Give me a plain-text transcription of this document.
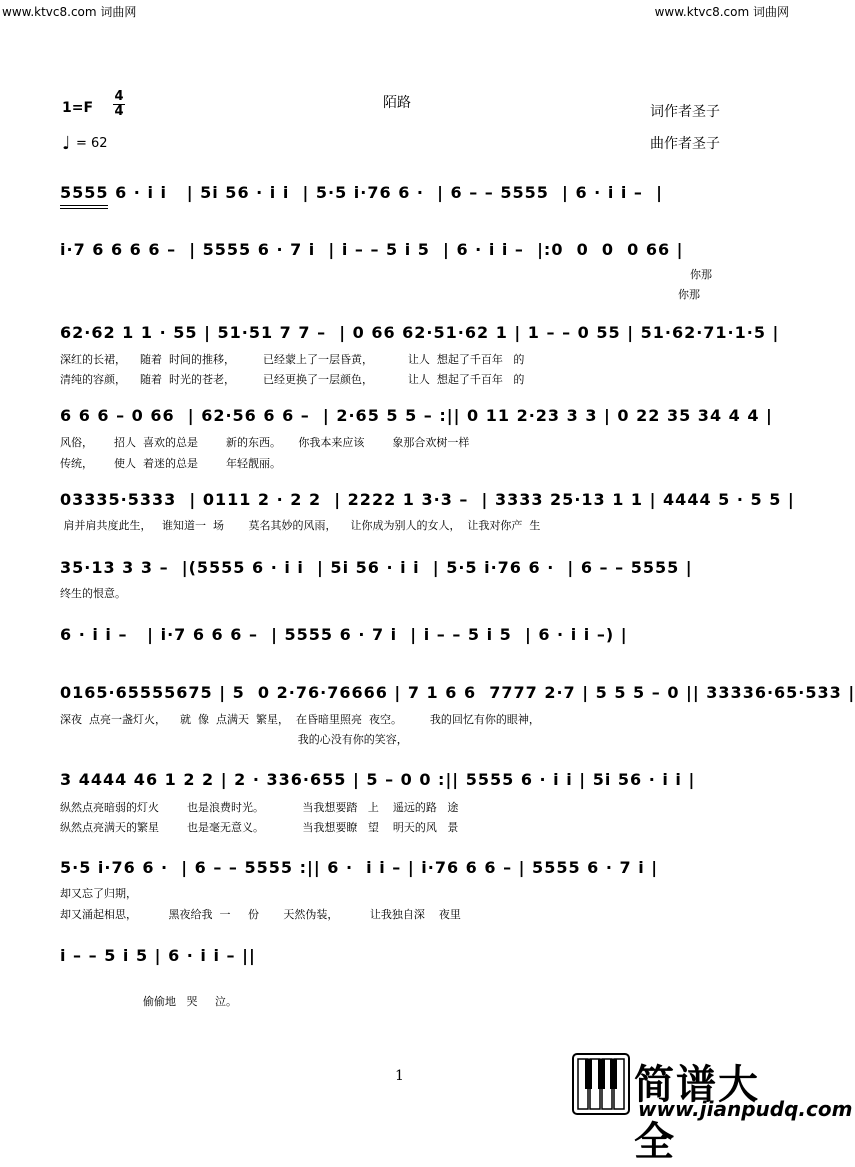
www.ktvc8.com 词曲网	www.ktvc8.com 词曲网
1=F
4
4
陌路
词作者圣子
曲作者圣子
♩ = 62
5555 6 · i i   | 5i 56 · i i  | 5·5 i·76 6 ·  | 6 – – 5555  | 6 · i i –  |
i·7 6 6 6 6 –  | 5555 6 · 7 i  | i – – 5 i 5  | 6 · i i –  |:0  0  0  0 66 |
你那
你那
62·62 1 1 · 55 | 51·51 7 7 –  | 0 66 62·51·62 1 | 1 – – 0 55 | 51·62·71·1·5 |
深红的长裙，    随着  时间的推移，        已经蒙上了一层昏黄，          让人  想起了千百年   的
清纯的容颜，    随着  时光的苍老，        已经更换了一层颜色，          让人  想起了千百年   的
6 6 6 – 0 66  | 62·56 6 6 –  | 2·65 5 5 – :|| 0 11 2·23 3 3 | 0 22 35 34 4 4 |
风俗，      招人  喜欢的总是        新的东西。     你我本来应该        象那合欢树一样
传统，      使人  着迷的总是        年轻靓丽。
03335·5333  | 0111 2 · 2 2  | 2222 1 3·3 –  | 3333 25·13 1 1 | 4444 5 · 5 5 |
肩并肩共度此生，   谁知道一  场       莫名其妙的风雨，    让你成为别人的女人，  让我对你产  生
35·13 3 3 –  |(5555 6 · i i  | 5i 56 · i i  | 5·5 i·76 6 ·  | 6 – – 5555 |
终生的恨意。
6 · i i –   | i·7 6 6 6 –  | 5555 6 · 7 i  | i – – 5 i 5  | 6 · i i –) |
0165·65555675 | 5  0 2·76·76666 | 7 1 6 6  7777 2·7 | 5 5 5 – 0 || 33336·65·533 |
深夜  点亮一盏灯火，    就  像  点满天  繁星，  在昏暗里照亮  夜空。        我的回忆有你的眼神，
我的心没有你的笑容，
3 4444 46 1 2 2 | 2 · 336·655 | 5 – 0 0 :|| 5555 6 · i i | 5i 56 · i i |
纵然点亮暗弱的灯火        也是浪费时光。           当我想要踏   上    遥远的路   途
纵然点亮满天的繁星        也是毫无意义。           当我想要瞭   望    明天的风   景
5·5 i·76 6 ·  | 6 – – 5555 :|| 6 ·  i i – | i·76 6 6 – | 5555 6 · 7 i |
却又忘了归期，
却又涌起相思，         黑夜给我  一     份       天然伪装，         让我独自深    夜里
i – – 5 i 5 | 6 · i i – ||
偷偷地   哭     泣。
1	简谱大全
www.jianpudq.com
